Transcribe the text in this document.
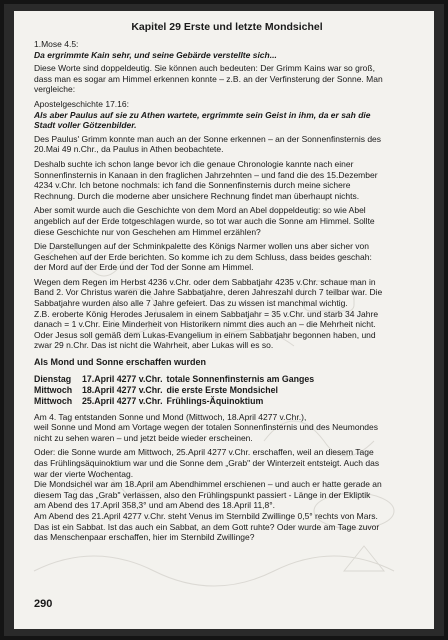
Kapitel 29 Erste und letzte Mondsichel
1.Mose 4.5:
Da ergrimmte Kain sehr, und seine Gebärde verstellte sich...
Diese Worte sind doppeldeutig. Sie können auch bedeuten: Der Grimm Kains war so groß,
dass man es sogar am Himmel erkennen konnte – z.B. an der Verfinsterung der Sonne. Man
vergleiche:
Apostelgeschichte 17.16:
Als aber Paulus auf sie zu Athen wartete, ergrimmte sein Geist in ihm, da er sah die
Stadt voller Götzenbilder.
Des Paulus' Grimm konnte man auch an der Sonne erkennen – an der Sonnenfinsternis des
20.Mai 49 n.Chr., da Paulus in Athen beobachtete.
Deshalb suchte ich schon lange bevor ich die genaue Chronologie kannte nach einer
Sonnenfinsternis in Kanaan in den fraglichen Jahrzehnten – und fand die des 15.Dezember
4234 v.Chr. Ich betone nochmals: ich fand die Sonnenfinsternis durch meine sichere
Rechnung. Durch die moderne aber unsichere Rechnung findet man überhaupt nichts.
Aber somit wurde auch die Geschichte von dem Mord an Abel doppeldeutig: so wie Abel
angeblich auf der Erde totgeschlagen wurde, so tot war auch die Sonne am Himmel. Sollte
diese Geschichte nur von Geschehen am Himmel erzählen?
Die Darstellungen auf der Schminkpalette des Königs Narmer wollen uns aber sicher von
Geschehen auf der Erde berichten. So komme ich zu dem Schluss, dass beides geschah:
der Mord auf der Erde und der Tod der Sonne am Himmel.
Wegen dem Regen im Herbst 4236 v.Chr. oder dem Sabbatjahr 4235 v.Chr. schaue man in
Band 2. Vor Christus waren die Jahre Sabbatjahre, deren Jahreszahl durch 7 teilbar war. Die
Sabbatjahre wurden also alle 7 Jahre gefeiert. Das zu wissen ist manchmal wichtig.
Z.B. eroberte König Herodes Jerusalem in einem Sabbatjahr = 35 v.Chr. und starb 34 Jahre
danach = 1 v.Chr. Eine Minderheit von Historikern nimmt dies auch an – die Mehrheit nicht.
Oder Jesus soll gemäß dem Lukas-Evangelium in einem Sabbatjahr begonnen haben, und
zwar 29 n.Chr. Das ist nicht die Wahrheit, aber Lukas will es so.
Als Mond und Sonne erschaffen wurden
Dienstag	17.April 4277 v.Chr. totale Sonnenfinsternis am Ganges
Mittwoch	18.April 4277 v.Chr. die erste Erste Mondsichel
Mittwoch	25.April 4277 v.Chr. Frühlings-Äquinoktium
Am 4. Tag entstanden Sonne und Mond (Mittwoch, 18.April 4277 v.Chr.),
weil Sonne und Mond am Vortage wegen der totalen Sonnenfinsternis und des Neumondes
nicht zu sehen waren – und jetzt beide wieder erscheinen.
Oder: die Sonne wurde am Mittwoch, 25.April 4277 v.Chr. erschaffen, weil an diesem Tage
das Frühlingsäquinoktium war und die Sonne dem „Grab" der Winterzeit entsteigt. Auch das
war der vierte Wochentag.
Die Mondsichel war am 18.April am Abendhimmel erschienen – und auch er hatte gerade an
diesem Tag das „Grab" verlassen, also den Frühlingspunkt passiert - Länge in der Ekliptik
am Abend des 17.April 358,3° und am Abend des 18.April 11,8°.
Am Abend des 21.April 4277 v.Chr. steht Venus im Sternbild Zwillinge 0,5° rechts von Mars.
Das ist ein Sabbat. Ist das auch ein Sabbat, an dem Gott ruhte? Oder wurde am Tage zuvor
das Menschenpaar erschaffen, hier im Sternbild Zwillinge?
290
